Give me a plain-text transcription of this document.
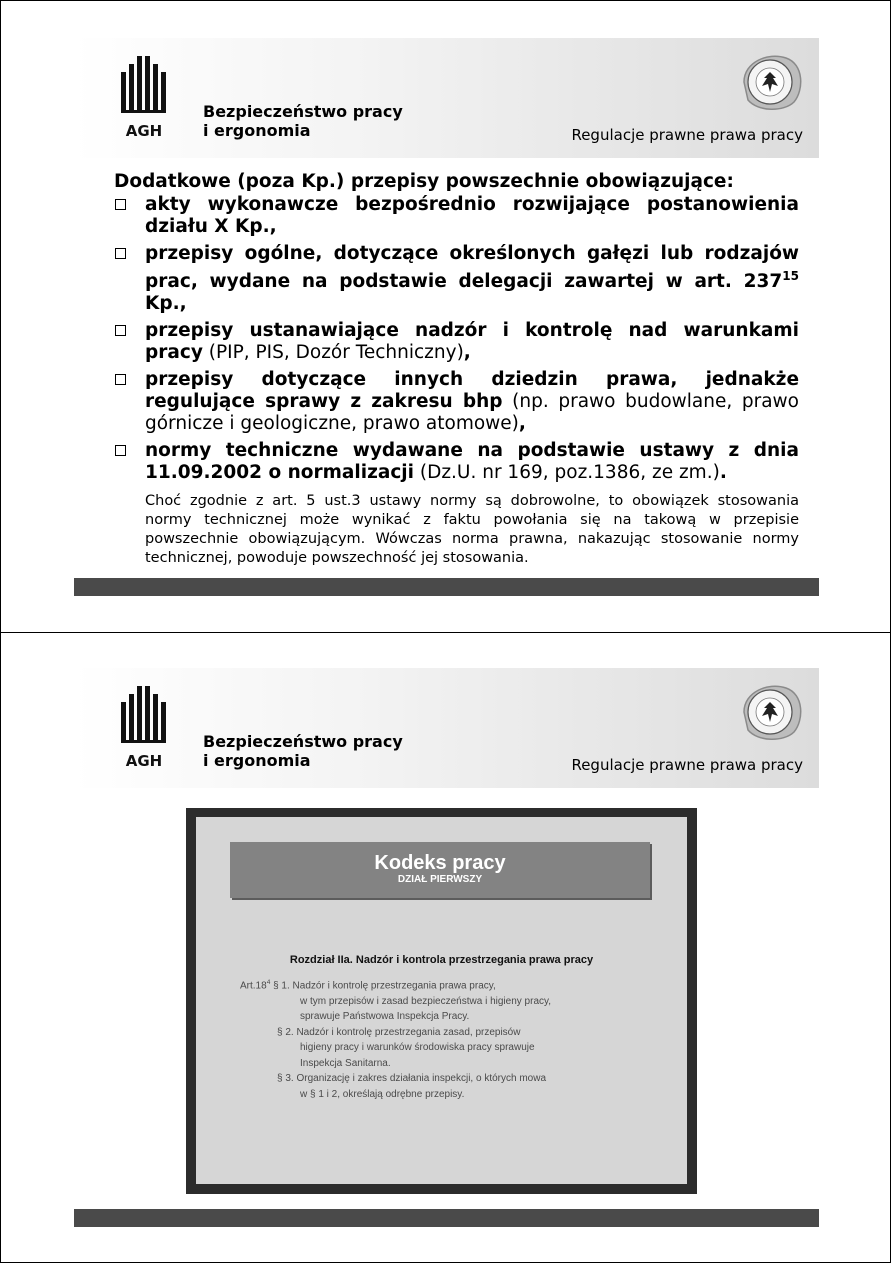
AGH
Bezpieczeństwo pracy
i ergonomia	Regulacje prawne prawa pracy

Dodatkowe (poza Kp.) przepisy powszechnie obowiązujące:

akty wykonawcze bezpośrednio rozwijające postanowienia działu X Kp.,
przepisy ogólne, dotyczące określonych gałęzi lub rodzajów prac, wydane na podstawie delegacji zawartej w art. $237^{15}$ Kp.,
przepisy ustanawiające nadzór i kontrolę nad warunkami pracy (PIP, PIS, Dozór Techniczny),
przepisy dotyczące innych dziedzin prawa, jednakże regulujące sprawy z zakresu bhp (np. prawo budowlane, prawo górnicze i geologiczne, prawo atomowe),
normy techniczne wydawane na podstawie ustawy z dnia 11.09.2002 o normalizacji (Dz.U. nr 169, poz.1386, ze zm.).
Choć zgodnie z art. 5 ust.3 ustawy normy są dobrowolne, to obowiązek stosowania normy technicznej może wynikać z faktu powołania się na takową w przepisie powszechnie obowiązującym. Wówczas norma prawna, nakazując stosowanie normy technicznej, powoduje powszechność jej stosowania.
AGH
Bezpieczeństwo pracy
i ergonomia	Regulacje prawne prawa pracy
Kodeks pracy
DZIAŁ PIERWSZY
Rozdział IIa. Nadzór i kontrola przestrzegania prawa pracy
$Art.18^4$ § 1. Nadzór i kontrolę przestrzegania prawa pracy,
w tym przepisów i zasad bezpieczeństwa i higieny pracy,
sprawuje Państwowa Inspekcja Pracy.
§ 2. Nadzór i kontrolę przestrzegania zasad, przepisów
higieny pracy i warunków środowiska pracy sprawuje
Inspekcja Sanitarna.
§ 3. Organizację i zakres działania inspekcji, o których mowa
w § 1 i 2, określają odrębne przepisy.
